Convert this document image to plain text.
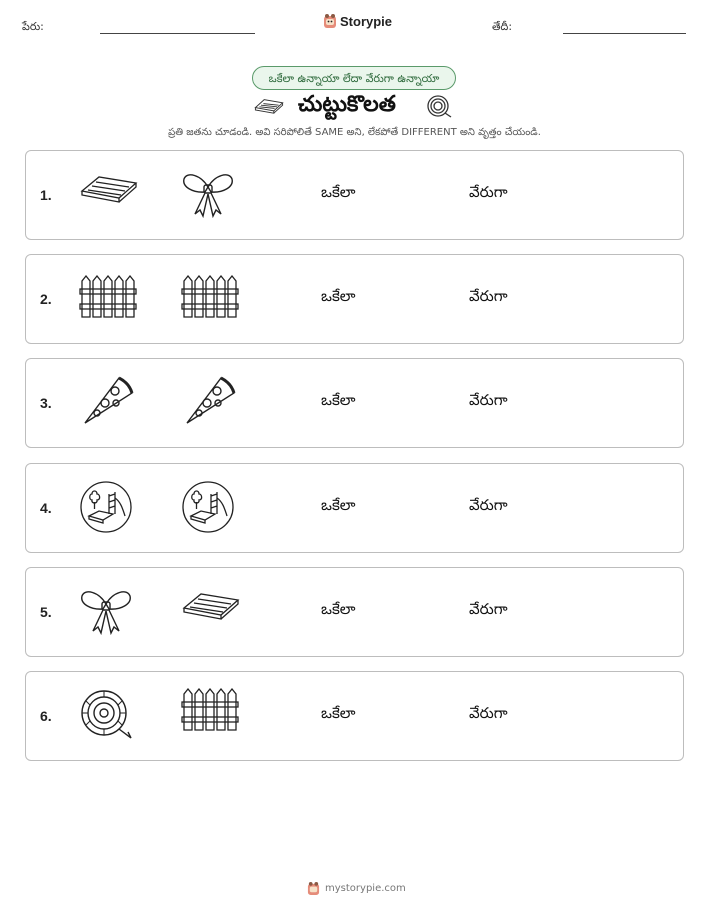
పేరు:	Storypie	తేదీ:
ఒకేలా ఉన్నాయా లేదా వేరుగా ఉన్నాయా
చుట్టుకొలత
ప్రతి జతను చూడండి. అవి సరిపోలితే SAME అని, లేకపోతే DIFFERENT అని వృత్తం చేయండి.
1.	ఒకేలా	వేరుగా
2.	ఒకేలా	వేరుగా
3.	ఒకేలా	వేరుగా
4.	ఒకేలా	వేరుగా
5.	ఒకేలా	వేరుగా
6.	ఒకేలా	వేరుగా
mystorypie.com
